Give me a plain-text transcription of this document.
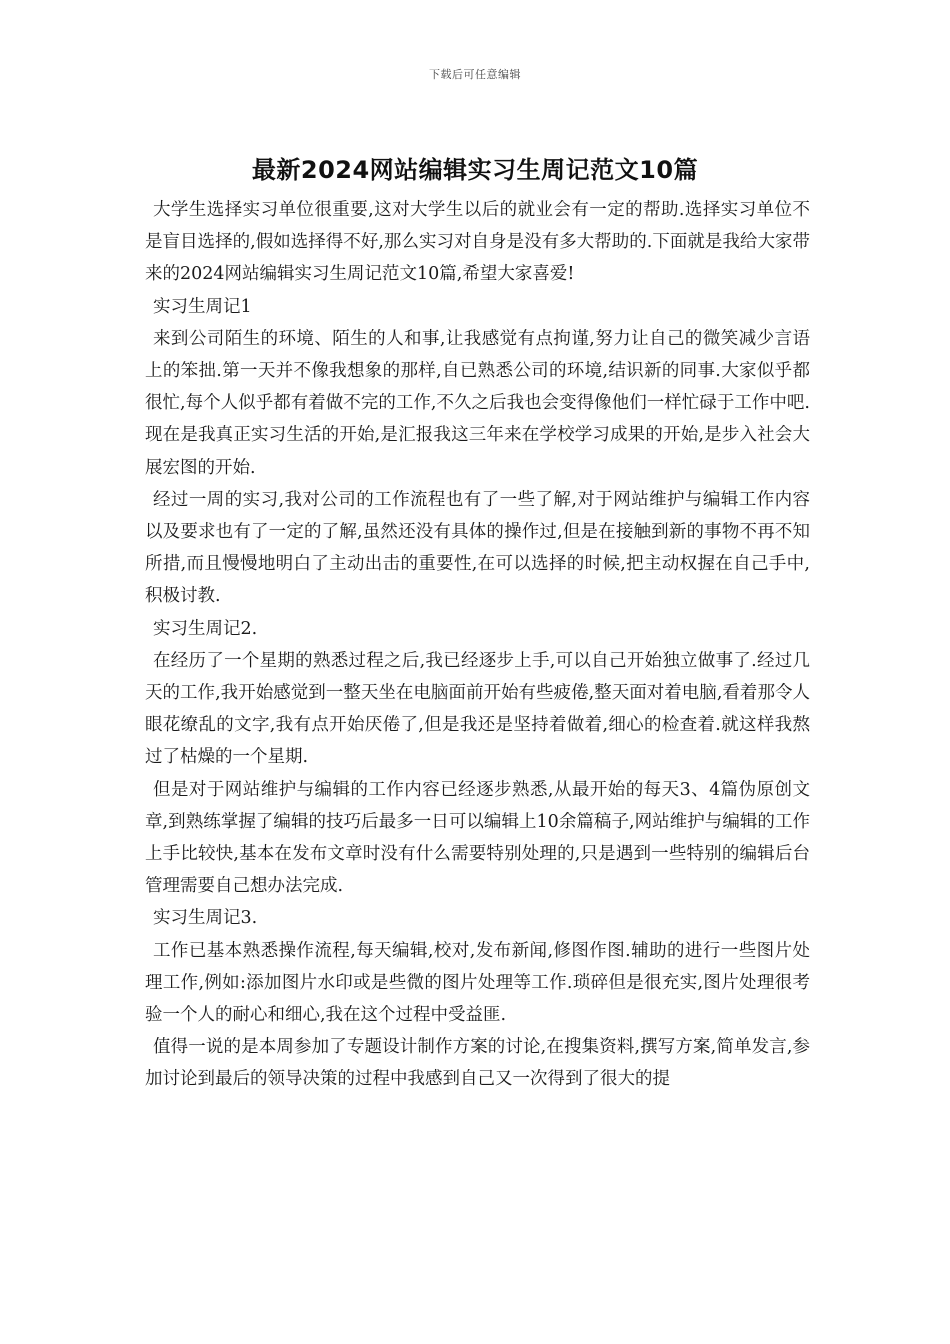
下载后可任意编辑
最新2024网站编辑实习生周记范文10篇

大学生选择实习单位很重要,这对大学生以后的就业会有一定的帮助.选择实习单位不是盲目选择的,假如选择得不好,那么实习对自身是没有多大帮助的.下面就是我给大家带来的2024网站编辑实习生周记范文10篇,希望大家喜爱!

实习生周记1

来到公司陌生的环境、陌生的人和事,让我感觉有点拘谨,努力让自己的微笑减少言语上的笨拙.第一天并不像我想象的那样,自已熟悉公司的环境,结识新的同事.大家似乎都很忙,每个人似乎都有着做不完的工作,不久之后我也会变得像他们一样忙碌于工作中吧. 现在是我真正实习生活的开始,是汇报我这三年来在学校学习成果的开始,是步入社会大展宏图的开始.

经过一周的实习,我对公司的工作流程也有了一些了解,对于网站维护与编辑工作内容以及要求也有了一定的了解,虽然还没有具体的操作过,但是在接触到新的事物不再不知所措,而且慢慢地明白了主动出击的重要性,在可以选择的时候,把主动权握在自己手中,积极讨教.

实习生周记2.

在经历了一个星期的熟悉过程之后,我已经逐步上手,可以自己开始独立做事了.经过几天的工作,我开始感觉到一整天坐在电脑面前开始有些疲倦,整天面对着电脑,看着那令人眼花缭乱的文字,我有点开始厌倦了,但是我还是坚持着做着,细心的检查着.就这样我熬过了枯燥的一个星期.

但是对于网站维护与编辑的工作内容已经逐步熟悉,从最开始的每天3、4篇伪原创文章,到熟练掌握了编辑的技巧后最多一日可以编辑上10余篇稿子,网站维护与编辑的工作上手比较快,基本在发布文章时没有什么需要特别处理的,只是遇到一些特别的编辑后台管理需要自己想办法完成.

实习生周记3.

工作已基本熟悉操作流程,每天编辑,校对,发布新闻,修图作图.辅助的进行一些图片处理工作,例如:添加图片水印或是些微的图片处理等工作.琐碎但是很充实,图片处理很考验一个人的耐心和细心,我在这个过程中受益匪.

值得一说的是本周参加了专题设计制作方案的讨论,在搜集资料,撰写方案,简单发言,参加讨论到最后的领导决策的过程中我感到自己又一次得到了很大的提
